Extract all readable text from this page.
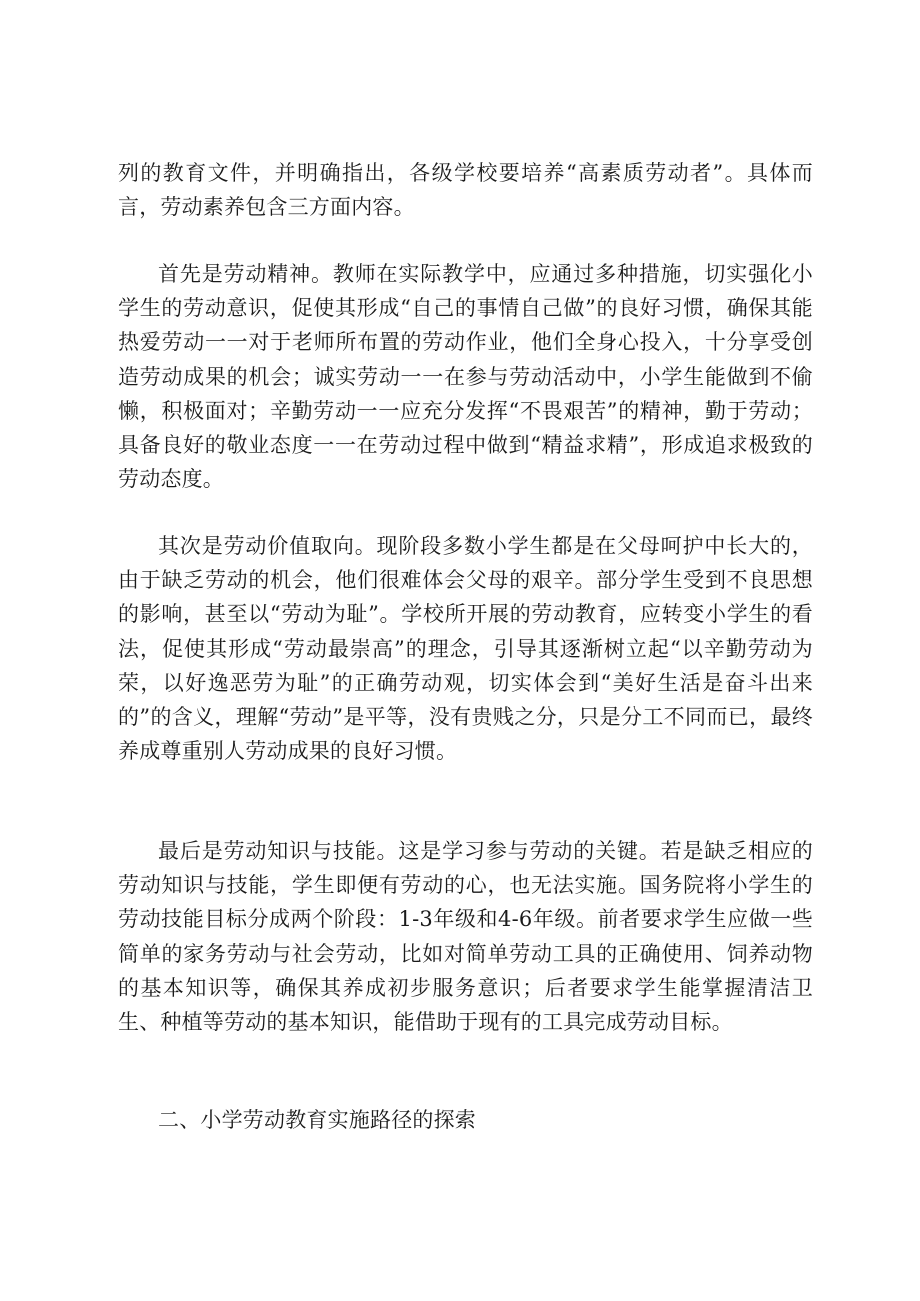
列的教育文件，并明确指出，各级学校要培养“高素质劳动者”。具体而言，劳动素养包含三方面内容。

首先是劳动精神。教师在实际教学中，应通过多种措施，切实强化小学生的劳动意识，促使其形成“自己的事情自己做”的良好习惯，确保其能热爱劳动一一对于老师所布置的劳动作业，他们全身心投入，十分享受创造劳动成果的机会；诚实劳动一一在参与劳动活动中，小学生能做到不偷懒，积极面对；辛勤劳动一一应充分发挥“不畏艰苦”的精神，勤于劳动；具备良好的敬业态度一一在劳动过程中做到“精益求精”，形成追求极致的劳动态度。

其次是劳动价值取向。现阶段多数小学生都是在父母呵护中长大的，由于缺乏劳动的机会，他们很难体会父母的艰辛。部分学生受到不良思想的影响，甚至以“劳动为耻”。学校所开展的劳动教育，应转变小学生的看法，促使其形成“劳动最崇高”的理念，引导其逐渐树立起“以辛勤劳动为荣，以好逸恶劳为耻”的正确劳动观，切实体会到“美好生活是奋斗出来的”的含义，理解“劳动”是平等，没有贵贱之分，只是分工不同而已，最终养成尊重别人劳动成果的良好习惯。

最后是劳动知识与技能。这是学习参与劳动的关键。若是缺乏相应的劳动知识与技能，学生即便有劳动的心，也无法实施。国务院将小学生的劳动技能目标分成两个阶段：1-3年级和4-6年级。前者要求学生应做一些简单的家务劳动与社会劳动，比如对简单劳动工具的正确使用、饲养动物的基本知识等，确保其养成初步服务意识；后者要求学生能掌握清洁卫生、种植等劳动的基本知识，能借助于现有的工具完成劳动目标。

二、小学劳动教育实施路径的探索
